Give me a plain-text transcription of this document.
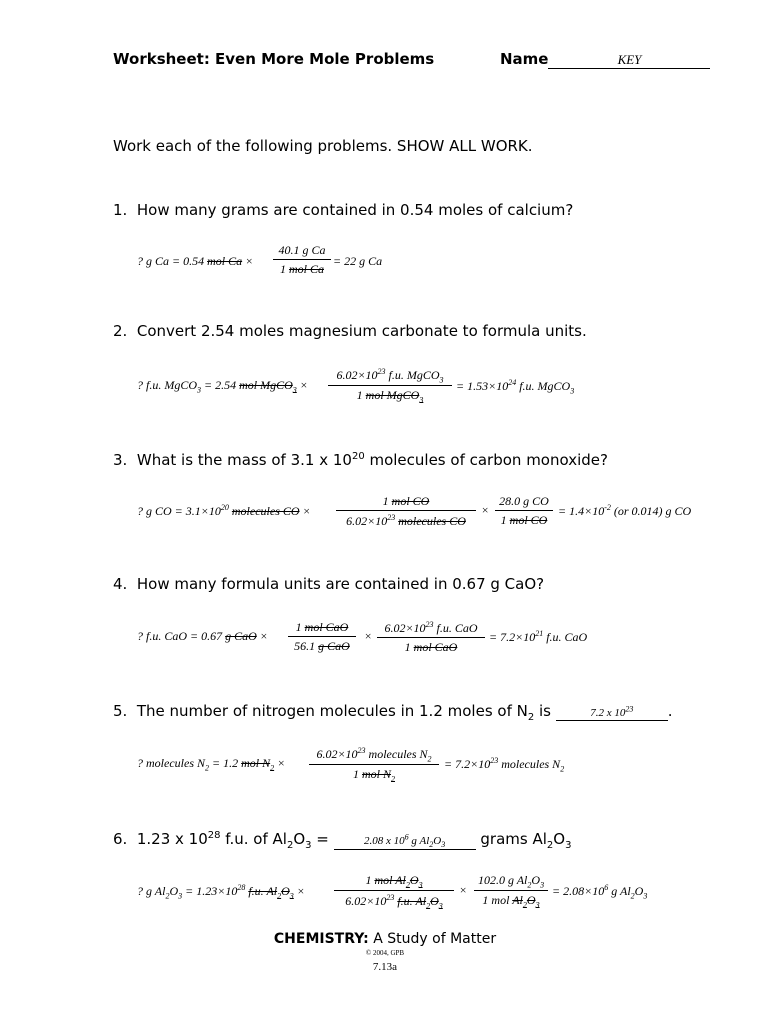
Worksheet: Even More Mole Problems	Name	KEY
Work each of the following problems. SHOW ALL WORK.
1. How many grams are contained in 0.54 moles of calcium?
? g Ca = 0.54 mol Ca ×
40.1 g Ca
1 mol Ca
= 22 g Ca
2. Convert 2.54 moles magnesium carbonate to formula units.
? f.u. MgCO$_3$ = 2.54 mol MgCO$_3$ ×
$6.02\times 10^{23}$ f.u. MgCO$_3$
1 mol MgCO$_3$
= $1.53\times 10^{24}$ f.u. MgCO$_3$
3. What is the mass of 3.1 x $10^{20}$ molecules of carbon monoxide?
? g CO = $3.1\times 10^{20}$ molecules CO ×
1 mol CO
$6.02\times 10^{23}$ molecules CO
×
28.0 g CO
1 mol CO
= $1.4\times 10^{-2}$ (or 0.014) g CO
4. How many formula units are contained in 0.67 g CaO?
? f.u. CaO = 0.67 g CaO ×
1 mol CaO
56.1 g CaO
×
$6.02\times 10^{23}$ f.u. CaO
1 mol CaO
= $7.2\times 10^{21}$ f.u. CaO
5. The number of nitrogen molecules in 1.2 moles of $N_2$ is	7.2 x $10^{23}$ .
? molecules $N_2 = 1.2$ mol $N_2$ ×
$6.02\times 10^{23}$ molecules $N_2$
1 mol $N_2$
= $7.2\times 10^{23}$ molecules $N_2$
6. 1.23 x $10^{28}$ f.u. of $Al_2O_3$ =	2.08 x $10^6$ g $Al_2O_3$ grams $Al_2O_3$
? g $Al_2O_3 = 1.23\times 10^{28}$ f.u. $Al_2O_3$ ×
1 mol $Al_2O_3$
$6.02\times 10^{23}$ f.u. $Al_2O_3$
×
102.0 g $Al_2O_3$
1 mol $Al_2O_3$
= $2.08\times 10^6$ g $Al_2O_3$
CHEMISTRY: A Study of Matter
© 2004, GPB
7.13a
